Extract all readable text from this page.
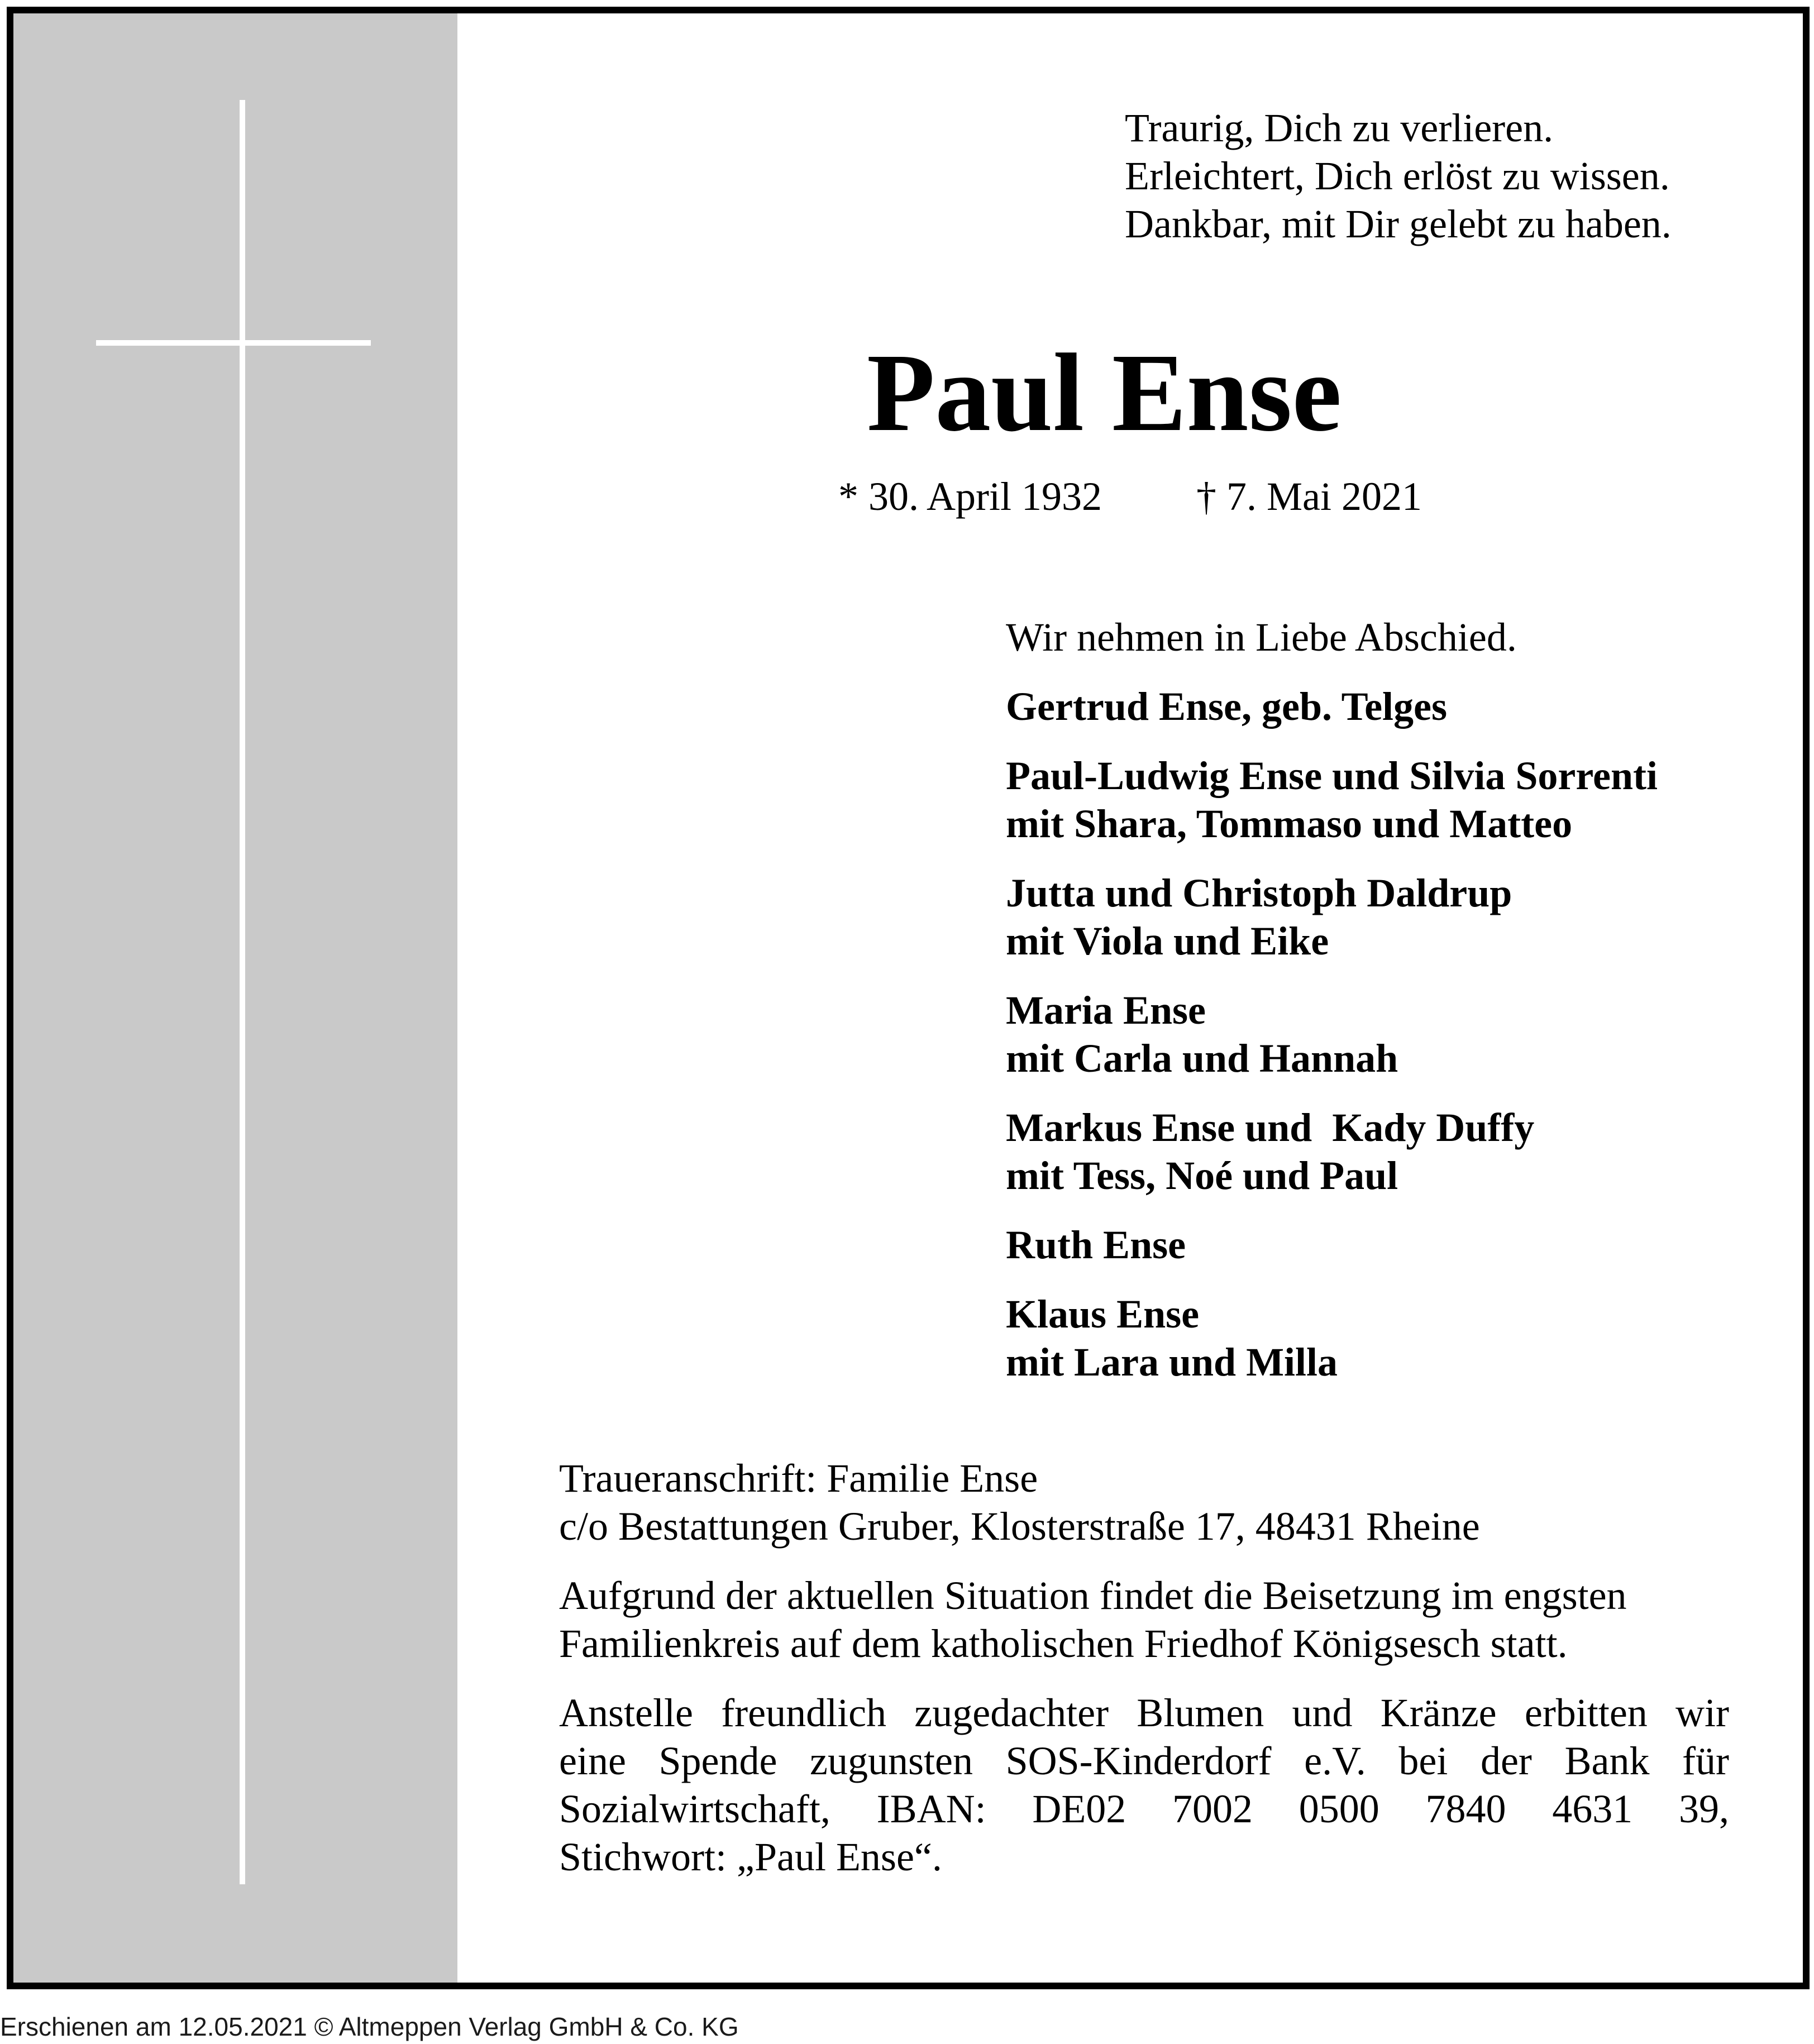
Traurig, Dich zu verlieren.
Erleichtert, Dich erlöst zu wissen.
Dankbar, mit Dir gelebt zu haben.
Paul Ense
* 30. April 1932 † 7. Mai 2021
Wir nehmen in Liebe Abschied.
Gertrud Ense, geb. Telges
Paul-Ludwig Ense und Silvia Sorrenti
mit Shara, Tommaso und Matteo
Jutta und Christoph Daldrup
mit Viola und Eike
Maria Ense
mit Carla und Hannah
Markus Ense und  Kady Duffy
mit Tess, Noé und Paul
Ruth Ense
Klaus Ense
mit Lara und Milla
Traueranschrift: Familie Ense
c/o Bestattungen Gruber, Klosterstraße 17, 48431 Rheine
Aufgrund der aktuellen Situation findet die Beisetzung im engsten
Familienkreis auf dem katholischen Friedhof Königsesch statt.
Anstelle freundlich zugedachter Blumen und Kränze erbitten wir
eine Spende zugunsten SOS-Kinderdorf e.V. bei der Bank für
Sozialwirtschaft, IBAN: DE02 7002 0500 7840 4631 39,
Stichwort: „Paul Ense“.
Erschienen am 12.05.2021 © Altmeppen Verlag GmbH & Co. KG
